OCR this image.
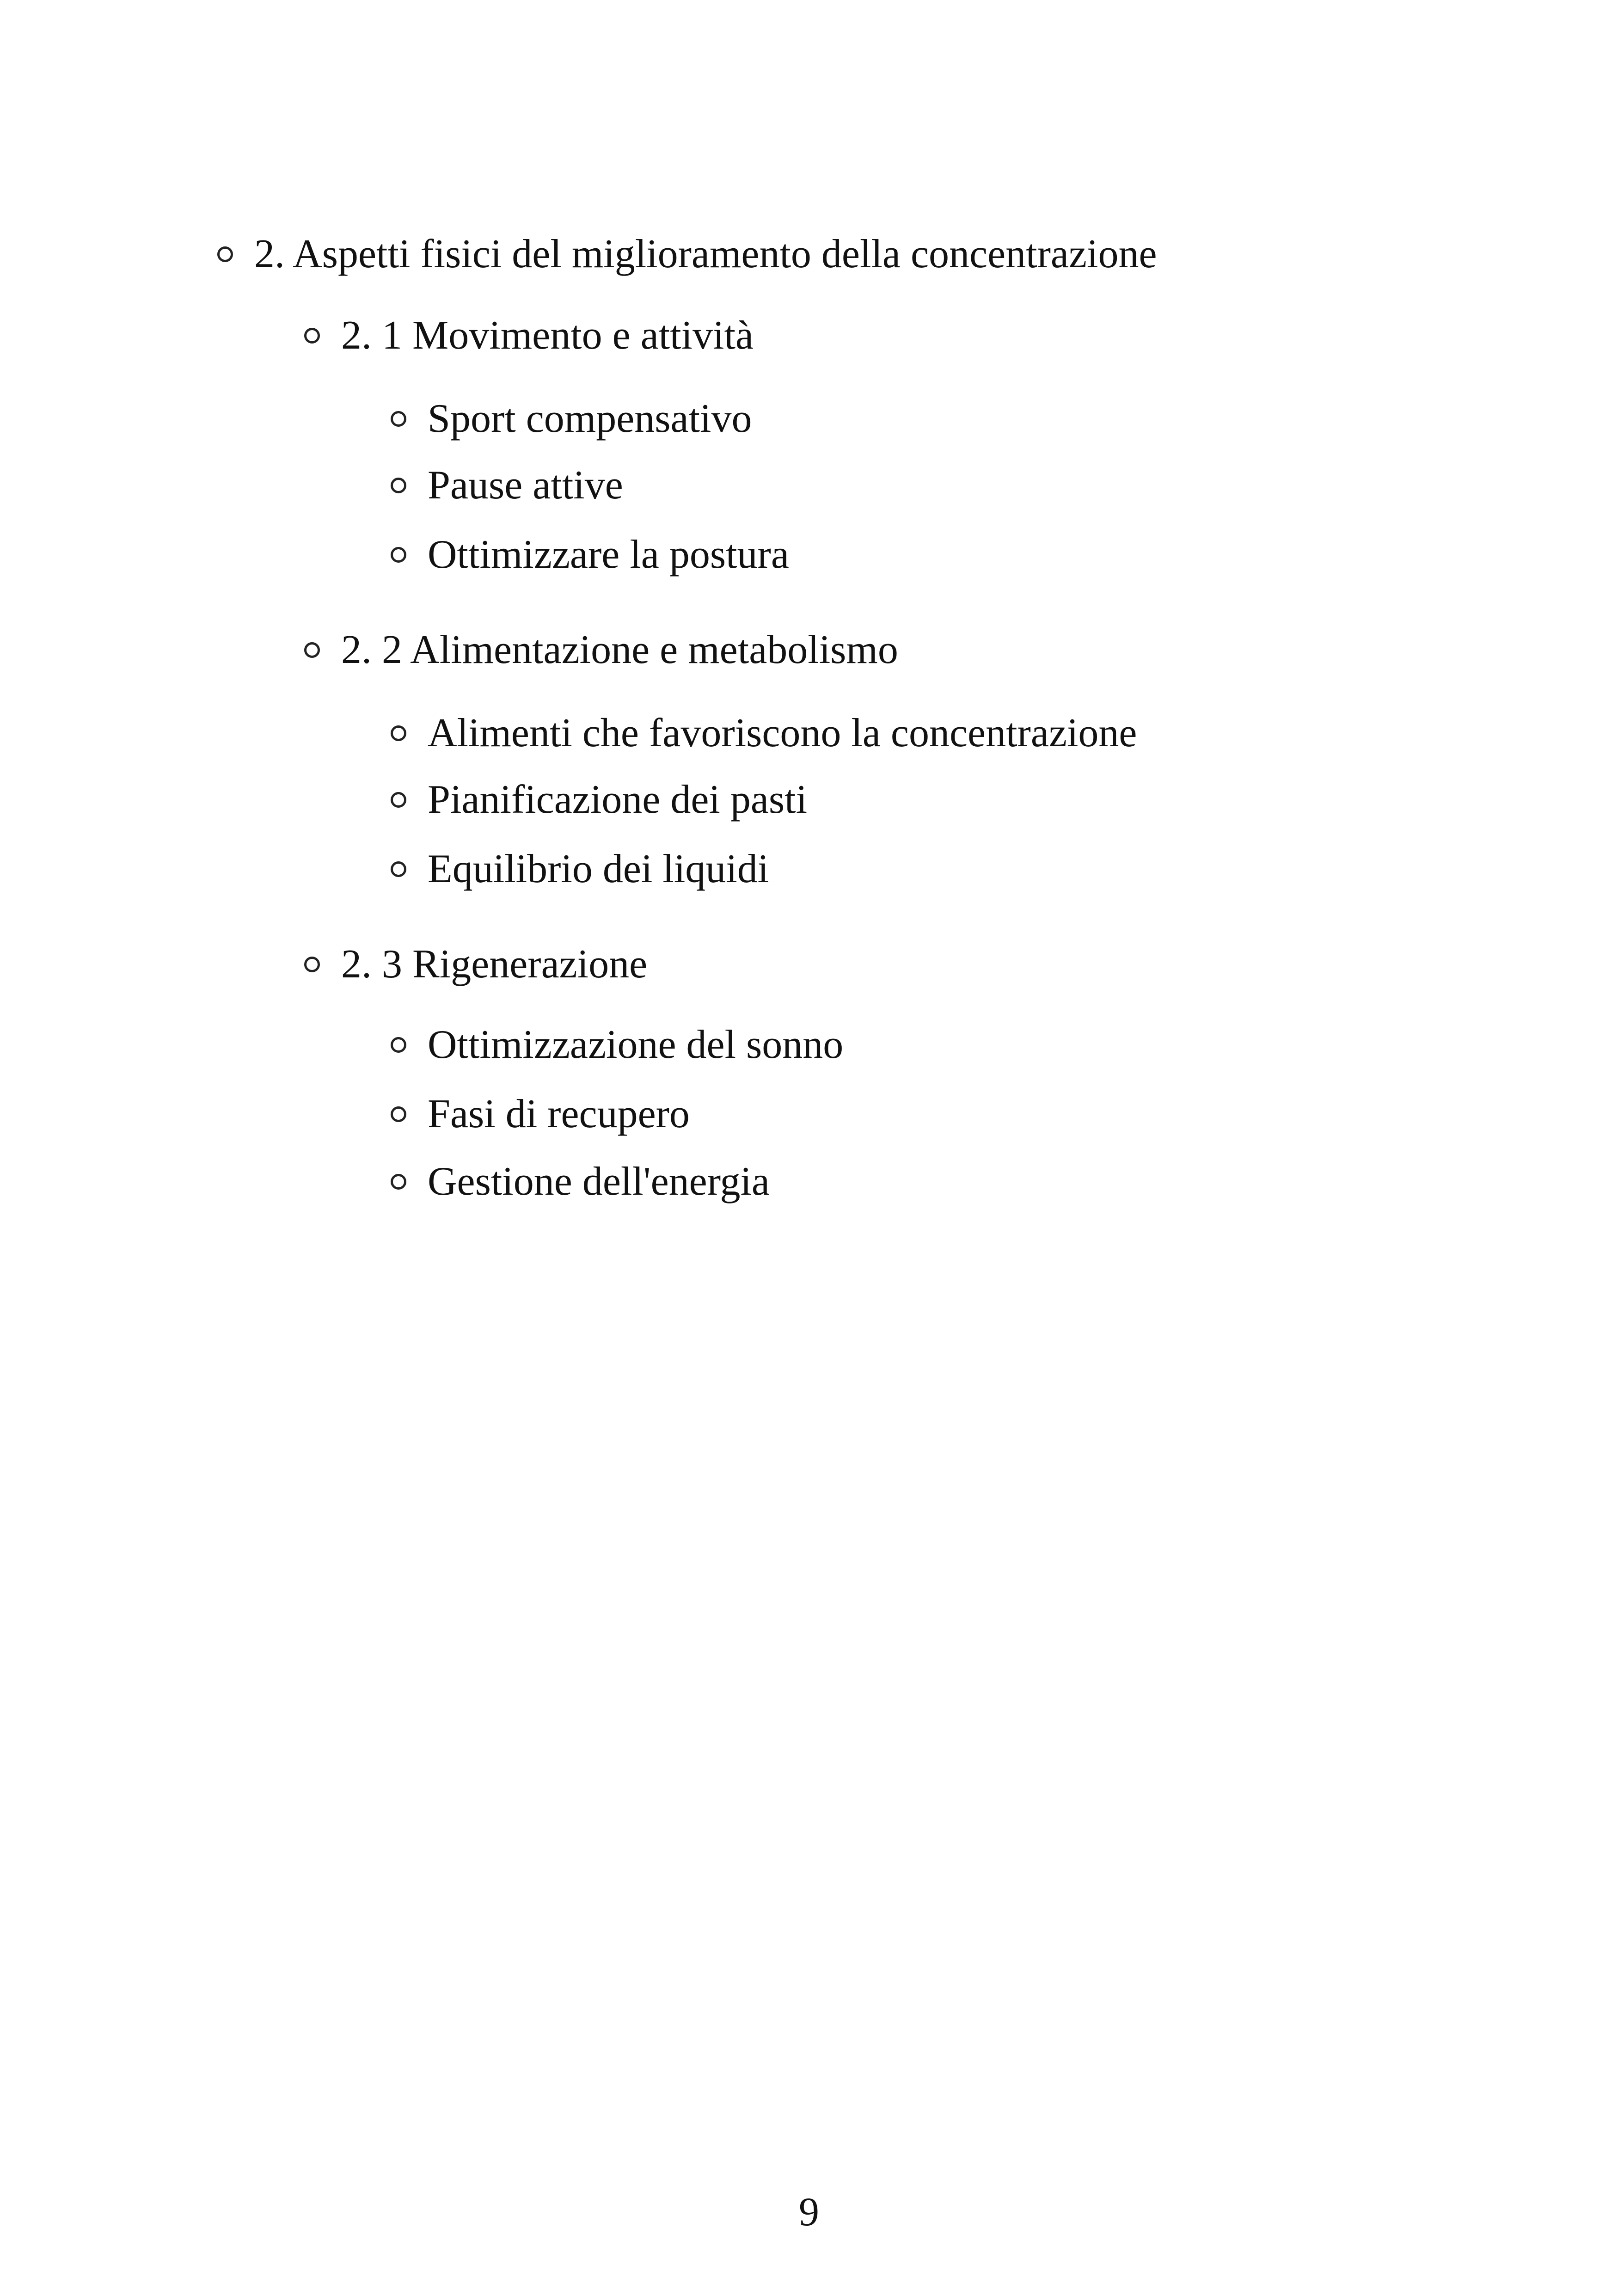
2. Aspetti fisici del miglioramento della concentrazione
2. 1 Movimento e attività
Sport compensativo
Pause attive
Ottimizzare la postura
2. 2 Alimentazione e metabolismo
Alimenti che favoriscono la concentrazione
Pianificazione dei pasti
Equilibrio dei liquidi
2. 3 Rigenerazione
Ottimizzazione del sonno
Fasi di recupero
Gestione dell'energia
9
